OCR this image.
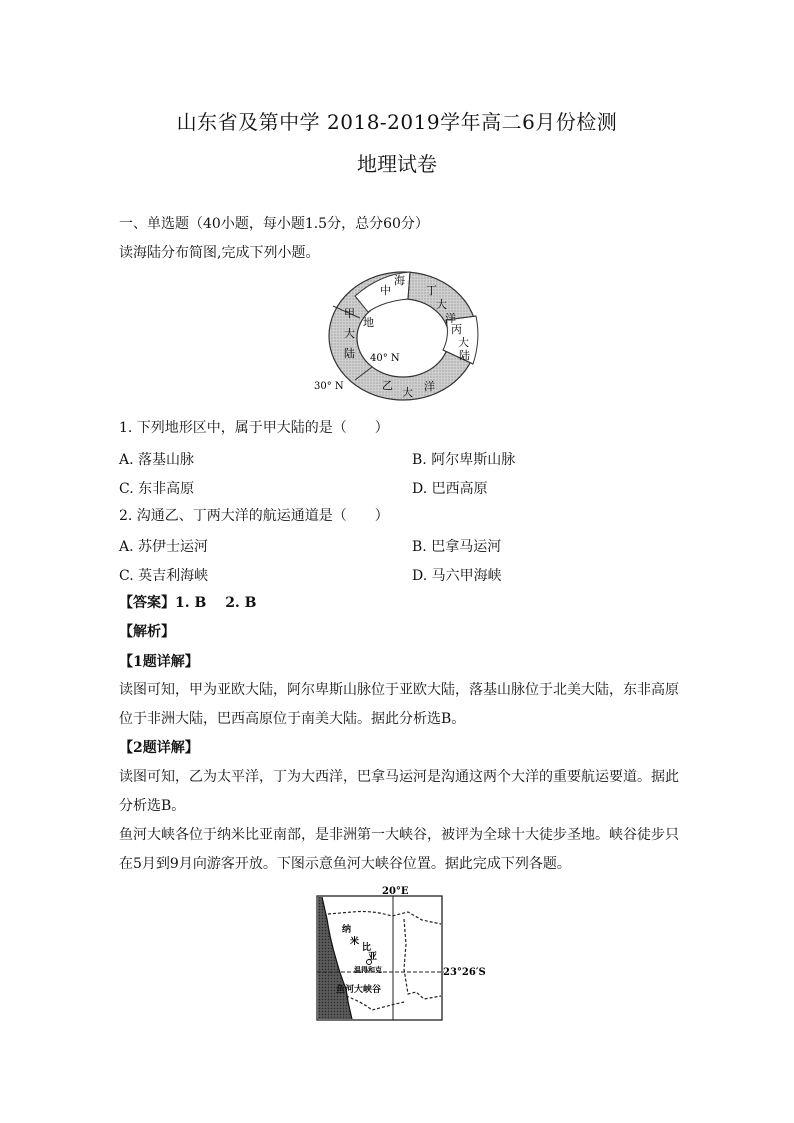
山东省及第中学 2018-2019学年高二6月份检测
地理试卷
一、单选题（40小题，每小题1.5分，总分60分）
读海陆分布简图,完成下列小题。
地
中
海
丁
大
洋
丙
大
陆
甲
大
陆
乙
大 洋
40° N
30° N
1. 下列地形区中，属于甲大陆的是（　　）
A. 落基山脉	B. 阿尔卑斯山脉
C. 东非高原	D. 巴西高原
2. 沟通乙、丁两大洋的航运通道是（　　）
A. 苏伊士运河	B. 巴拿马运河
C. 英吉利海峡	D. 马六甲海峡
【答案】1. B　 2. B
【解析】
【1题详解】
读图可知，甲为亚欧大陆，阿尔卑斯山脉位于亚欧大陆，落基山脉位于北美大陆，东非高原
位于非洲大陆，巴西高原位于南美大陆。据此分析选B。
【2题详解】
读图可知，乙为太平洋，丁为大西洋，巴拿马运河是沟通这两个大洋的重要航运要道。据此
分析选B。
鱼河大峡各位于纳米比亚南部，是非洲第一大峡谷，被评为全球十大徒步圣地。峡谷徒步只
在5月到9月向游客开放。下图示意鱼河大峡谷位置。据此完成下列各题。
20°E
23°26′S
纳
米
比
亚
温得和克
鱼河大峡谷
